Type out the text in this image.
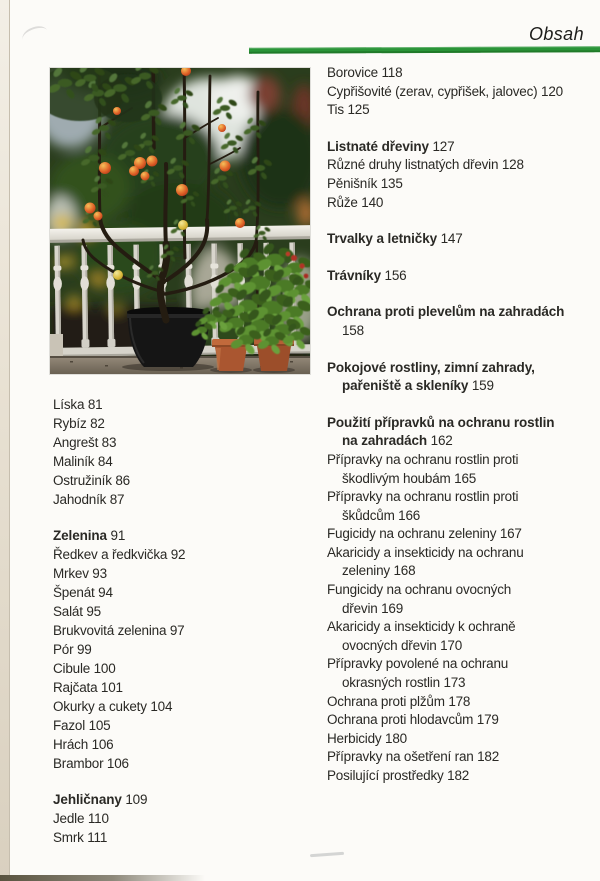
Obsah
Líska 81
Rybíz 82
Angrešt 83
Maliník 84
Ostružiník 86
Jahodník 87
Zelenina 91
Ředkev a ředkvička 92
Mrkev 93
Špenát 94
Salát 95
Brukvovitá zelenina 97
Pór 99
Cibule 100
Rajčata 101
Okurky a cukety 104
Fazol 105
Hrách 106
Brambor 106
Jehličnany 109
Jedle 110
Smrk 111
Borovice 118
Cypřišovité (zerav, cypřišek, jalovec) 120
Tis 125
Listnaté dřeviny 127
Různé druhy listnatých dřevin 128
Pěnišník 135
Růže 140
Trvalky a letničky 147
Trávníky 156
Ochrana proti plevelům na zahradách
158
Pokojové rostliny, zimní zahrady,
pařeniště a skleníky 159
Použití přípravků na ochranu rostlin
na zahradách 162
Přípravky na ochranu rostlin proti
škodlivým houbám 165
Přípravky na ochranu rostlin proti
škůdcům 166
Fugicidy na ochranu zeleniny 167
Akaricidy a insekticidy na ochranu
zeleniny 168
Fungicidy na ochranu ovocných
dřevin 169
Akaricidy a insekticidy k ochraně
ovocných dřevin 170
Přípravky povolené na ochranu
okrasných rostlin 173
Ochrana proti plžům 178
Ochrana proti hlodavcům 179
Herbicidy 180
Přípravky na ošetření ran 182
Posilující prostředky 182
